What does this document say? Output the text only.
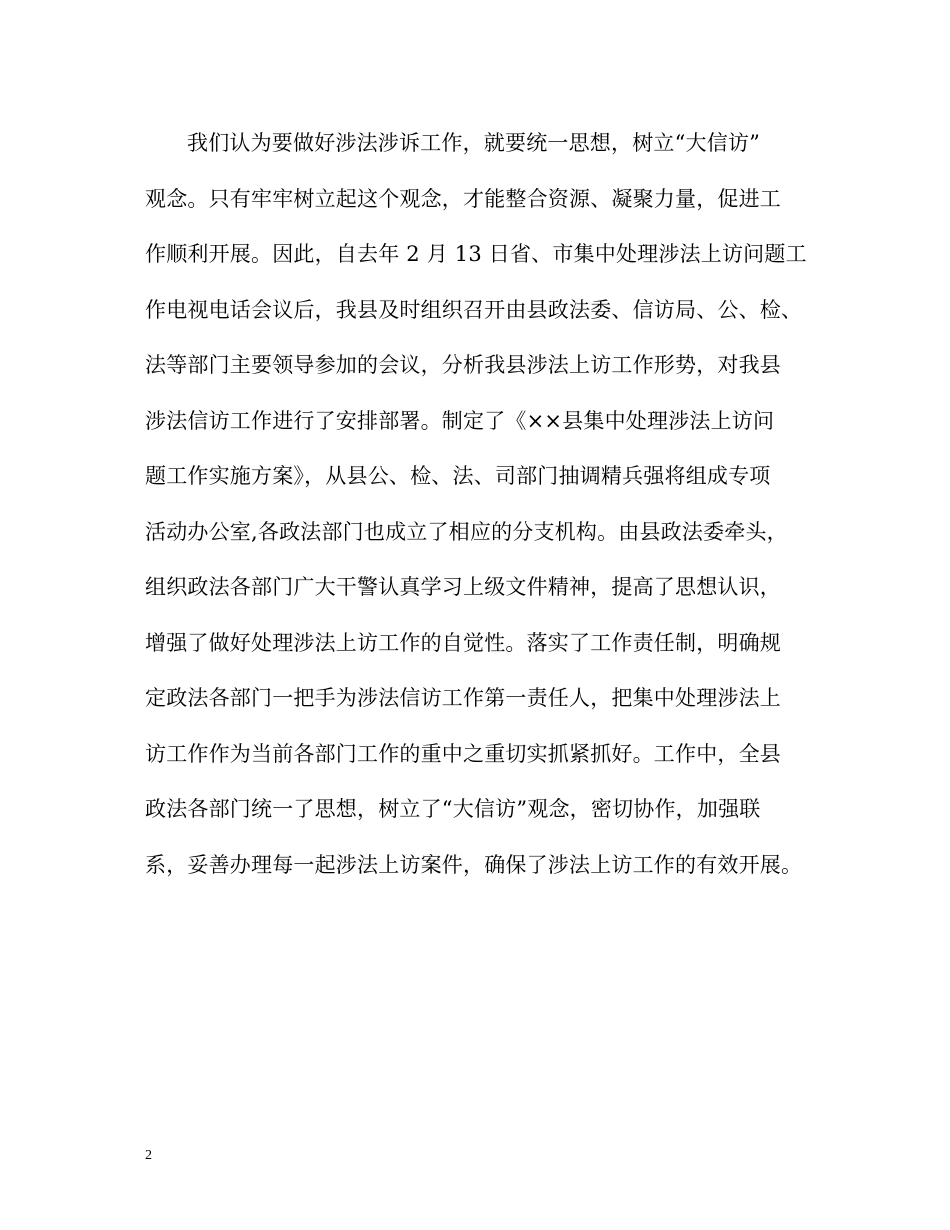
我们认为要做好涉法涉诉工作，就要统一思想，树立“大信访”
观念。只有牢牢树立起这个观念，才能整合资源、凝聚力量，促进工
作顺利开展。因此，自去年 2 月 13 日省、市集中处理涉法上访问题工
作电视电话会议后，我县及时组织召开由县政法委、信访局、公、检、
法等部门主要领导参加的会议，分析我县涉法上访工作形势，对我县
涉法信访工作进行了安排部署。制定了《××县集中处理涉法上访问
题工作实施方案》，从县公、检、法、司部门抽调精兵强将组成专项
活动办公室,各政法部门也成立了相应的分支机构。由县政法委牵头，
组织政法各部门广大干警认真学习上级文件精神，提高了思想认识，
增强了做好处理涉法上访工作的自觉性。落实了工作责任制，明确规
定政法各部门一把手为涉法信访工作第一责任人，把集中处理涉法上
访工作作为当前各部门工作的重中之重切实抓紧抓好。工作中，全县
政法各部门统一了思想，树立了“大信访”观念，密切协作，加强联
系，妥善办理每一起涉法上访案件，确保了涉法上访工作的有效开展。
2
